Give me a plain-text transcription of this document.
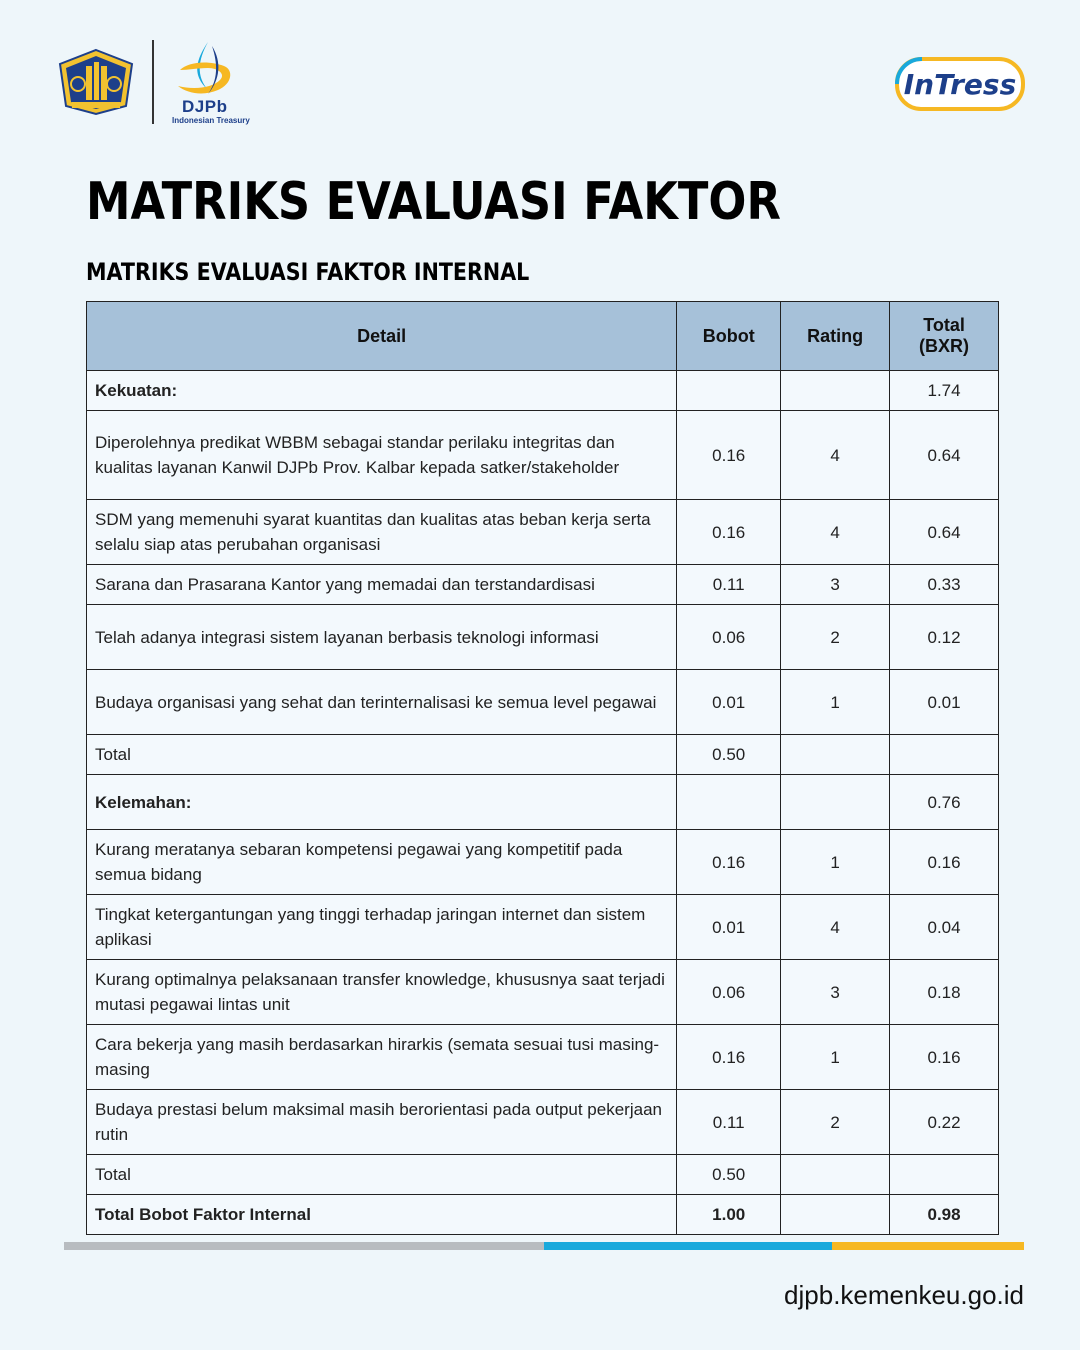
DJPb
Indonesian Treasury
InTress
MATRIKS EVALUASI FAKTOR
MATRIKS EVALUASI FAKTOR INTERNAL
Detail	Bobot	Rating	Total
(BXR)
Kekuatan:			1.74
Diperolehnya predikat WBBM sebagai standar perilaku integritas dan kualitas layanan Kanwil DJPb Prov. Kalbar kepada satker/stakeholder	0.16	4	0.64
SDM yang memenuhi syarat kuantitas dan kualitas atas beban kerja serta selalu siap atas perubahan organisasi	0.16	4	0.64
Sarana dan Prasarana Kantor yang memadai dan terstandardisasi	0.11	3	0.33
Telah adanya integrasi sistem layanan berbasis teknologi informasi	0.06	2	0.12
Budaya organisasi yang sehat dan terinternalisasi ke semua level pegawai	0.01	1	0.01
Total	0.50		
Kelemahan:			0.76
Kurang meratanya sebaran kompetensi pegawai yang kompetitif pada semua bidang	0.16	1	0.16
Tingkat ketergantungan yang tinggi terhadap jaringan internet dan sistem aplikasi	0.01	4	0.04
Kurang optimalnya pelaksanaan transfer knowledge, khususnya saat terjadi mutasi pegawai lintas unit	0.06	3	0.18
Cara bekerja yang masih berdasarkan hirarkis (semata sesuai tusi masing-masing	0.16	1	0.16
Budaya prestasi belum maksimal masih berorientasi pada output pekerjaan rutin	0.11	2	0.22
Total	0.50		
Total Bobot Faktor Internal	1.00		0.98
djpb.kemenkeu.go.id
